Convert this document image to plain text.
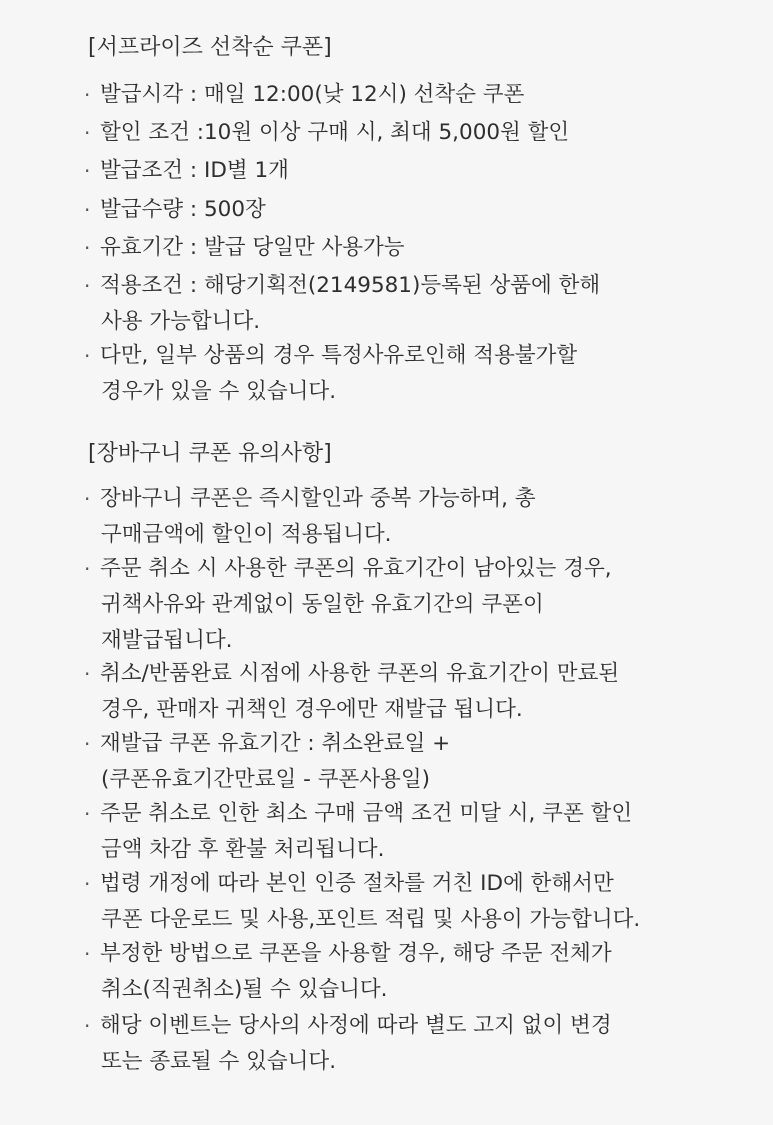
[서프라이즈 선착순 쿠폰]
· 발급시각 : 매일 12:00(낮 12시) 선착순 쿠폰
· 할인 조건 :10원 이상 구매 시, 최대 5,000원 할인
· 발급조건 : ID별 1개
· 발급수량 : 500장
· 유효기간 : 발급 당일만 사용가능
· 적용조건 : 해당기획전(2149581)등록된 상품에 한해
사용 가능합니다.
· 다만, 일부 상품의 경우 특정사유로인해 적용불가할
경우가 있을 수 있습니다.
[장바구니 쿠폰 유의사항]
· 장바구니 쿠폰은 즉시할인과 중복 가능하며, 총
구매금액에 할인이 적용됩니다.
· 주문 취소 시 사용한 쿠폰의 유효기간이 남아있는 경우,
귀책사유와 관계없이 동일한 유효기간의 쿠폰이
재발급됩니다.
· 취소/반품완료 시점에 사용한 쿠폰의 유효기간이 만료된
경우, 판매자 귀책인 경우에만 재발급 됩니다.
· 재발급 쿠폰 유효기간 : 취소완료일 +
(쿠폰유효기간만료일 - 쿠폰사용일)
· 주문 취소로 인한 최소 구매 금액 조건 미달 시, 쿠폰 할인
금액 차감 후 환불 처리됩니다.
· 법령 개정에 따라 본인 인증 절차를 거친 ID에 한해서만
쿠폰 다운로드 및 사용,포인트 적립 및 사용이 가능합니다.
· 부정한 방법으로 쿠폰을 사용할 경우, 해당 주문 전체가
취소(직권취소)될 수 있습니다.
· 해당 이벤트는 당사의 사정에 따라 별도 고지 없이 변경
또는 종료될 수 있습니다.
